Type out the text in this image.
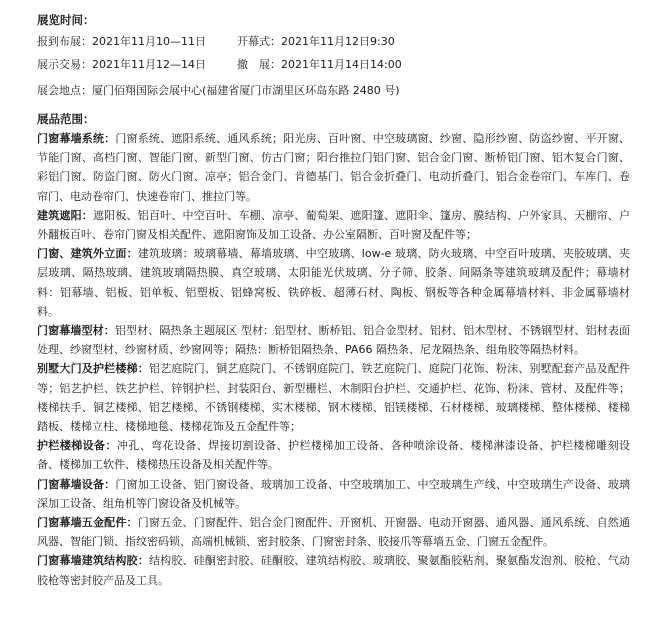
展览时间：

报到布展：2021年11月10—11日	开幕式：2021年11月12日9:30
展示交易：2021年11月12—14日	撤　展：2021年11月14日14:00
展会地点：厦门佰翔国际会展中心(福建省厦门市湖里区环岛东路 2480 号)

展品范围：

门窗幕墙系统：门窗系统、遮阳系统、通风系统；阳光房、百叶窗、中空玻璃窗、纱窗、隐形纱窗、防盗纱窗、平开窗、节能门窗、高档门窗、智能门窗、新型门窗、仿古门窗；阳台推拉门铝门窗、铝合金门窗、断桥铝门窗、铝木复合门窗、彩铝门窗、防盗门窗、防火门窗、凉亭；铝合金门、肯德基门、铝合金折叠门、电动折叠门、铝合金卷帘门、车库门、卷帘门、电动卷帘门、快速卷帘门、推拉门等。

建筑遮阳：遮阳板、铝百叶、中空百叶、车棚、凉亭、葡萄架、遮阳篷、遮阳伞、篷房、膜结构、户外家具、天棚帘、户外翻板百叶、卷帘门窗及相关配件、遮阳窗饰及加工设备、办公室隔断、百叶窗及配件等；

门窗、建筑外立面：建筑玻璃：玻璃幕墙、幕墙玻璃、中空玻璃、low-e 玻璃、防火玻璃、中空百叶玻璃、夹胶玻璃、夹层玻璃、隔热玻璃、建筑玻璃隔热膜、真空玻璃、太阳能光伏玻璃、分子筛、胶条、间隔条等建筑玻璃及配件；幕墙材料：铝幕墙、铝板、铝单板、铝塑板、铝蜂窝板、铁碎板、超薄石材、陶板、钢板等各种金属幕墙材料、非金属幕墙材料。

门窗幕墙型材：铝型材、隔热条主题展区 型材：铝型材、断桥铝、铝合金型材、铝材、铝木型材、不锈钢型材、铝材表面处理、纱窗型材、纱窗材质、纱窗网等；隔热：断桥铝隔热条、PA66 隔热条、尼龙隔热条、组角胶等隔热材料。

别墅大门及护栏楼梯：铝艺庭院门、铜艺庭院门、不锈钢庭院门、铁艺庭院门、庭院门花饰、粉沫、别墅配套产品及配件等；铝艺护栏、铁艺护栏、锌钢护栏、封装阳台、新型栅栏、木制阳台护栏、交通护栏、花饰、粉沫、管材、及配件等；楼梯扶手、铜艺楼梯、铝艺楼梯、不锈钢楼梯、实木楼梯、钢木楼梯、铝镁楼梯、石材楼梯、玻璃楼梯、整体楼梯、楼梯踏板、楼梯立柱、楼梯地毯、楼梯花饰及五金配件等；

护栏楼梯设备：冲孔、弯花设备、焊接切割设备、护栏楼梯加工设备、各种喷涂设备、楼梯淋漆设备、护栏楼梯雕刻设备、楼梯加工软件、楼梯热压设备及相关配件等。

门窗幕墙设备：门窗加工设备、铝门窗设备、玻璃加工设备、中空玻璃加工、中空玻璃生产线、中空玻璃生产设备、玻璃深加工设备、组角机等门窗设备及机械等。

门窗幕墙五金配件：门窗五金、门窗配件、铝合金门窗配件、开窗机、开窗器、电动开窗器、通风器、通风系统、自然通风器、智能门锁、指纹密码锁、高端机械锁、密封胶条、门窗密封条、胶接爪等幕墙五金、门窗五金配件。

门窗幕墙建筑结构胶：结构胶、硅酮密封胶、硅酮胶、建筑结构胶、玻璃胶、聚氨酯胶粘剂、聚氨酯发泡剂、胶枪、气动胶枪等密封胶产品及工具。
